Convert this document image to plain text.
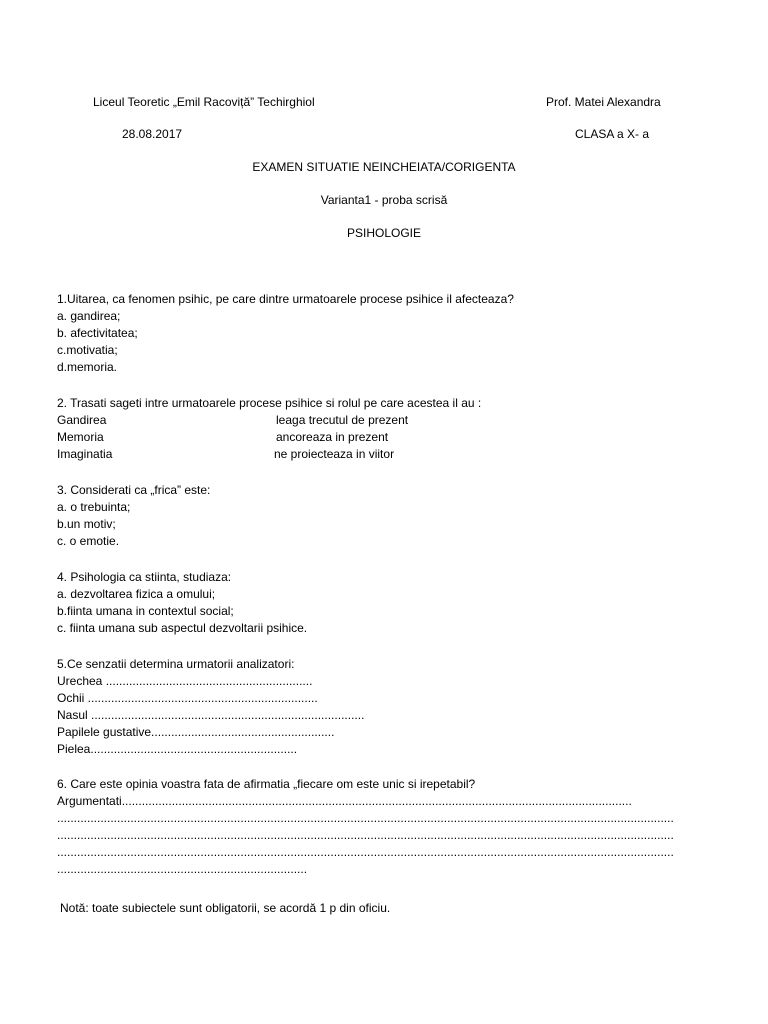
Liceul Teoretic „Emil Racoviță” Techirghiol	Prof. Matei Alexandra
28.08.2017	CLASA a X- a
EXAMEN SITUATIE NEINCHEIATA/CORIGENTA
Varianta1 - proba scrisă
PSIHOLOGIE
1.Uitarea, ca fenomen psihic, pe care dintre urmatoarele procese psihice il afecteaza?
a. gandirea;
b. afectivitatea;
c.motivatia;
d.memoria.
2. Trasati sageti intre urmatoarele procese psihice si rolul pe care acestea il au :
Gandirea	leaga trecutul de prezent
Memoria	ancoreaza in prezent
Imaginatia	ne proiecteaza in viitor
3. Considerati ca „frica” este:
a. o trebuinta;
b.un motiv;
c. o emotie.
4. Psihologia ca stiinta, studiaza:
a. dezvoltarea fizica a omului;
b.fiinta umana in contextul social;
c. fiinta umana sub aspectul dezvoltarii psihice.
5.Ce senzatii determina urmatorii analizatori:
Urechea ..............................................................
Ochii .....................................................................
Nasul ..................................................................................
Papilele gustative.......................................................
Pielea..............................................................
6. Care este opinia voastra fata de afirmatia „fiecare om este unic si irepetabil?
Argumentati.........................................................................................................................................................
.........................................................................................................................................................................................
.........................................................................................................................................................................................
.........................................................................................................................................................................................
...........................................................................
Notă: toate subiectele sunt obligatorii, se acordă 1 p din oficiu.
